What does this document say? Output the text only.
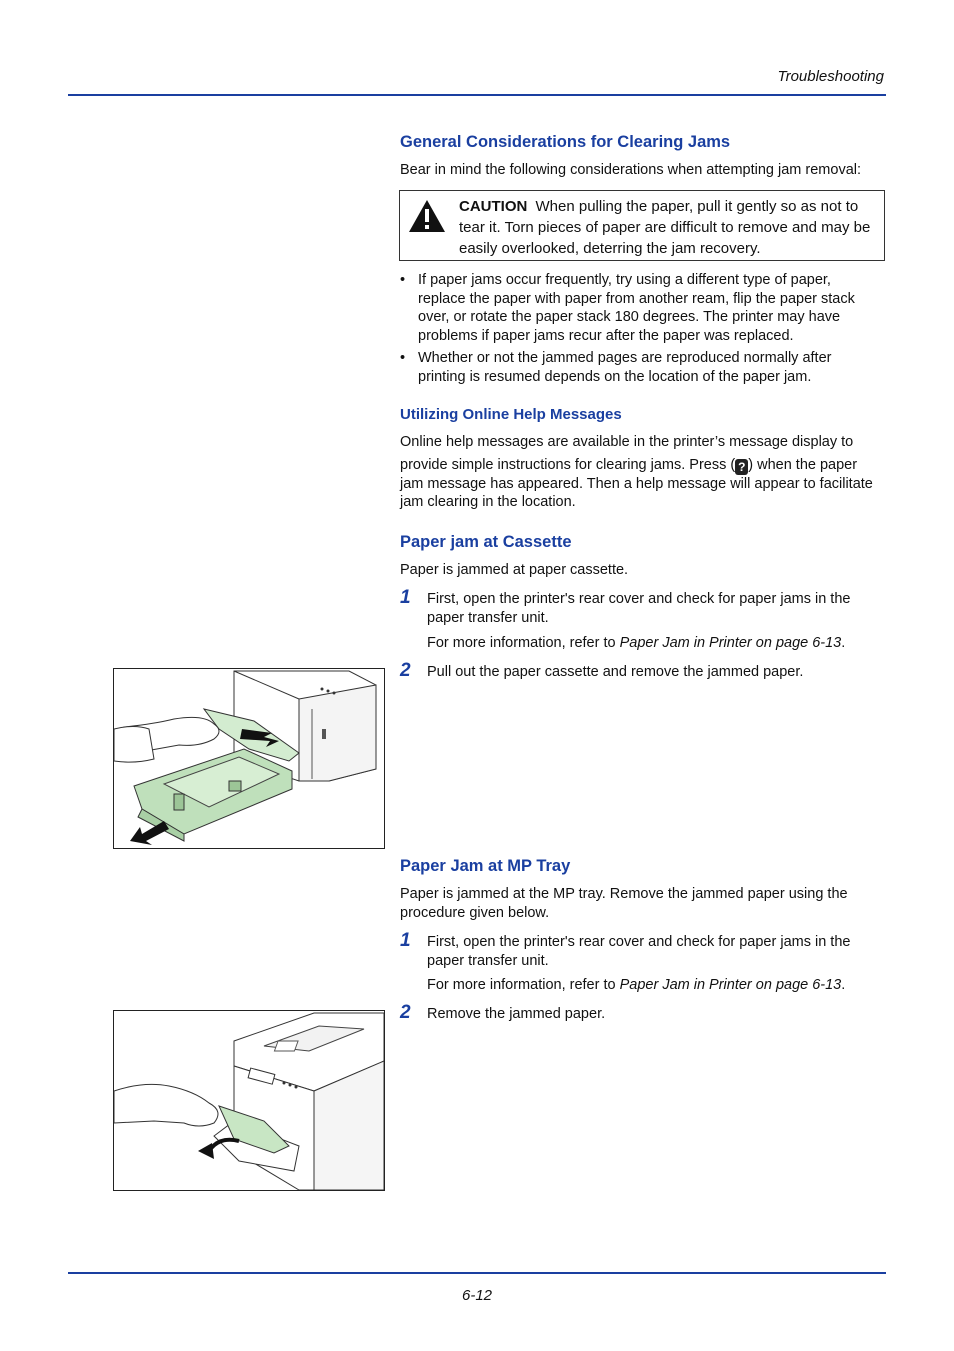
Troubleshooting
General Considerations for Clearing Jams
Bear in mind the following considerations when attempting jam removal:
CAUTION When pulling the paper, pull it gently so as not to tear it. Torn pieces of paper are difficult to remove and may be easily overlooked, deterring the jam recovery.
• If paper jams occur frequently, try using a different type of paper, replace the paper with paper from another ream, flip the paper stack over, or rotate the paper stack 180 degrees. The printer may have problems if paper jams recur after the paper was replaced.
• Whether or not the jammed pages are reproduced normally after printing is resumed depends on the location of the paper jam.
Utilizing Online Help Messages
Online help messages are available in the printer’s message display to
provide simple instructions for clearing jams. Press ( ? ) when the paper
jam message has appeared. Then a help message will appear to facilitate
jam clearing in the location.
Paper jam at Cassette
Paper is jammed at paper cassette.
1 First, open the printer's rear cover and check for paper jams in the paper transfer unit.
For more information, refer to Paper Jam in Printer on page 6-13.
2 Pull out the paper cassette and remove the jammed paper.
Paper Jam at MP Tray
Paper is jammed at the MP tray. Remove the jammed paper using the procedure given below.
1 First, open the printer's rear cover and check for paper jams in the paper transfer unit.
For more information, refer to Paper Jam in Printer on page 6-13.
2 Remove the jammed paper.
6-12
